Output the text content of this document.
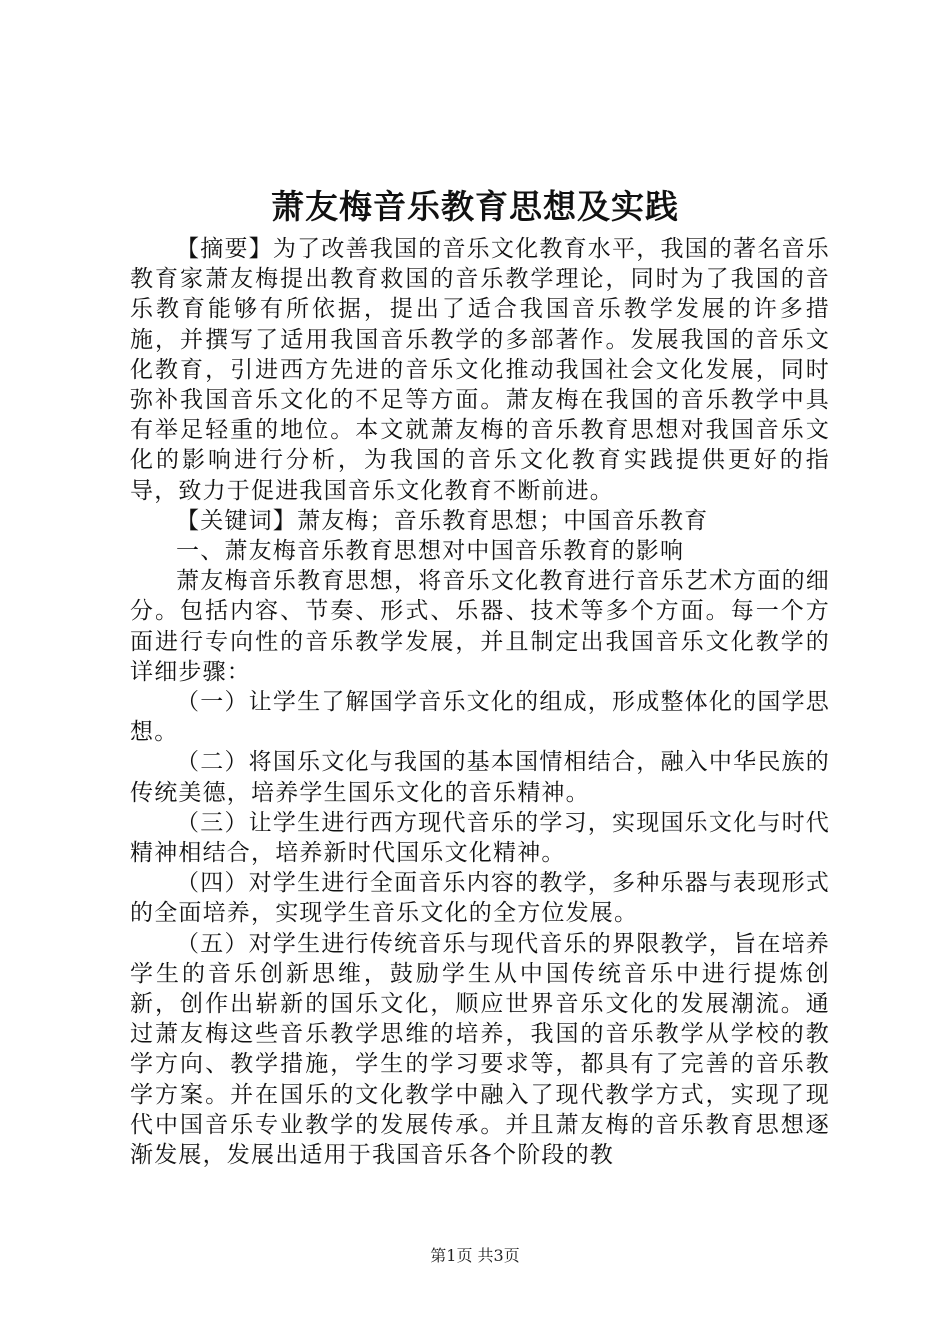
萧友梅音乐教育思想及实践

【摘要】为了改善我国的音乐文化教育水平，我国的著名音乐教育家萧友梅提出教育救国的音乐教学理论，同时为了我国的音乐教育能够有所依据，提出了适合我国音乐教学发展的许多措施，并撰写了适用我国音乐教学的多部著作。发展我国的音乐文化教育，引进西方先进的音乐文化推动我国社会文化发展，同时弥补我国音乐文化的不足等方面。萧友梅在我国的音乐教学中具有举足轻重的地位。本文就萧友梅的音乐教育思想对我国音乐文化的影响进行分析，为我国的音乐文化教育实践提供更好的指导，致力于促进我国音乐文化教育不断前进。

【关键词】萧友梅；音乐教育思想；中国音乐教育

一、萧友梅音乐教育思想对中国音乐教育的影响

萧友梅音乐教育思想，将音乐文化教育进行音乐艺术方面的细分。包括内容、节奏、形式、乐器、技术等多个方面。每一个方面进行专向性的音乐教学发展，并且制定出我国音乐文化教学的详细步骤：

（一）让学生了解国学音乐文化的组成，形成整体化的国学思想。

（二）将国乐文化与我国的基本国情相结合，融入中华民族的传统美德，培养学生国乐文化的音乐精神。

（三）让学生进行西方现代音乐的学习，实现国乐文化与时代精神相结合，培养新时代国乐文化精神。

（四）对学生进行全面音乐内容的教学，多种乐器与表现形式的全面培养，实现学生音乐文化的全方位发展。

（五）对学生进行传统音乐与现代音乐的界限教学，旨在培养学生的音乐创新思维，鼓励学生从中国传统音乐中进行提炼创新，创作出崭新的国乐文化，顺应世界音乐文化的发展潮流。通过萧友梅这些音乐教学思维的培养，我国的音乐教学从学校的教学方向、教学措施，学生的学习要求等，都具有了完善的音乐教学方案。并在国乐的文化教学中融入了现代教学方式，实现了现代中国音乐专业教学的发展传承。并且萧友梅的音乐教育思想逐渐发展，发展出适用于我国音乐各个阶段的教

第1页 共3页
